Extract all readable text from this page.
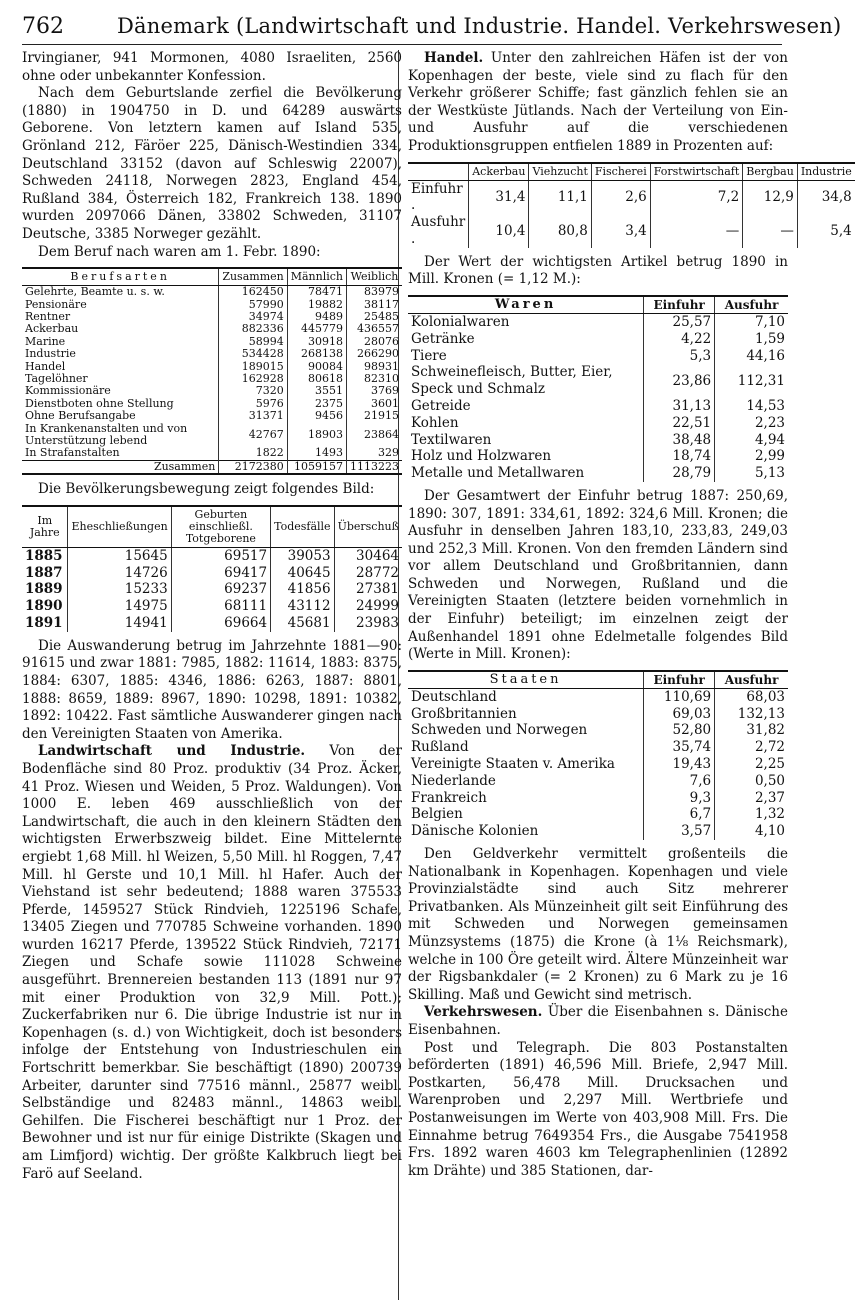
762	Dänemark (Landwirtschaft und Industrie. Handel. Verkehrswesen)

Irvingianer, 941 Mormonen, 4080 Israeliten, 2560 ohne oder unbekannter Konfession.

Nach dem Geburtslande zerfiel die Bevölkerung (1880) in 1904750 in D. und 64289 auswärts Geborene. Von letztern kamen auf Island 535, Grönland 212, Färöer 225, Dänisch-Westindien 334, Deutschland 33152 (davon auf Schleswig 22007), Schweden 24118, Norwegen 2823, England 454, Rußland 384, Österreich 182, Frankreich 138. 1890 wurden 2097066 Dänen, 33802 Schweden, 31107 Deutsche, 3385 Norweger gezählt.

Dem Beruf nach waren am 1. Febr. 1890:

Berufsarten	Zusammen	Männlich	Weiblich
Gelehrte, Beamte u. s. w.	162450	78471	83979
Pensionäre	57990	19882	38117
Rentner	34974	9489	25485
Ackerbau	882336	445779	436557
Marine	58994	30918	28076
Industrie	534428	268138	266290
Handel	189015	90084	98931
Tagelöhner	162928	80618	82310
Kommissionäre	7320	3551	3769
Dienstboten ohne Stellung	5976	2375	3601
Ohne Berufsangabe	31371	9456	21915
In Krankenanstalten und von Unterstützung lebend	42767	18903	23864
In Strafanstalten	1822	1493	329
Zusammen	2172380	1059157	1113223

Die Bevölkerungsbewegung zeigt folgendes Bild:

Im Jahre	Eheschließungen	Geburten einschließl. Totgeborene	Todesfälle	Überschuß
1885	15645	69517	39053	30464
1887	14726	69417	40645	28772
1889	15233	69237	41856	27381
1890	14975	68111	43112	24999
1891	14941	69664	45681	23983

Die Auswanderung betrug im Jahrzehnte 1881—90: 91615 und zwar 1881: 7985, 1882: 11614, 1883: 8375, 1884: 6307, 1885: 4346, 1886: 6263, 1887: 8801, 1888: 8659, 1889: 8967, 1890: 10298, 1891: 10382, 1892: 10422. Fast sämtliche Auswanderer gingen nach den Vereinigten Staaten von Amerika.

Landwirtschaft und Industrie. Von der Bodenfläche sind 80 Proz. produktiv (34 Proz. Äcker, 41 Proz. Wiesen und Weiden, 5 Proz. Waldungen). Von 1000 E. leben 469 ausschließlich von der Landwirtschaft, die auch in den kleinern Städten den wichtigsten Erwerbszweig bildet. Eine Mittelernte ergiebt 1,68 Mill. hl Weizen, 5,50 Mill. hl Roggen, 7,47 Mill. hl Gerste und 10,1 Mill. hl Hafer. Auch der Viehstand ist sehr bedeutend; 1888 waren 375533 Pferde, 1459527 Stück Rindvieh, 1225196 Schafe, 13405 Ziegen und 770785 Schweine vorhanden. 1890 wurden 16217 Pferde, 139522 Stück Rindvieh, 72171 Ziegen und Schafe sowie 111028 Schweine ausgeführt. Brennereien bestanden 113 (1891 nur 97 mit einer Produktion von 32,9 Mill. Pott.); Zuckerfabriken nur 6. Die übrige Industrie ist nur in Kopenhagen (s. d.) von Wichtigkeit, doch ist besonders infolge der Entstehung von Industrieschulen ein Fortschritt bemerkbar. Sie beschäftigt (1890) 200739 Arbeiter, darunter sind 77516 männl., 25877 weibl. Selbständige und 82483 männl., 14863 weibl. Gehilfen. Die Fischerei beschäftigt nur 1 Proz. der Bewohner und ist nur für einige Distrikte (Skagen und am Limfjord) wichtig. Der größte Kalkbruch liegt bei Farö auf Seeland.

Handel. Unter den zahlreichen Häfen ist der von Kopenhagen der beste, viele sind zu flach für den Verkehr größerer Schiffe; fast gänzlich fehlen sie an der Westküste Jütlands. Nach der Verteilung von Ein- und Ausfuhr auf die verschiedenen Produktionsgruppen entfielen 1889 in Prozenten auf:

	Ackerbau	Viehzucht	Fischerei	Forstwirtschaft	Bergbau	Industrie
Einfuhr .	31,4	11,1	2,6	7,2	12,9	34,8
Ausfuhr .	10,4	80,8	3,4	—	—	5,4

Der Wert der wichtigsten Artikel betrug 1890 in Mill. Kronen (= 1,12 M.):

Waren	Einfuhr	Ausfuhr
Kolonialwaren	25,57	7,10
Getränke	4,22	1,59
Tiere	5,3	44,16
Schweinefleisch, Butter, Eier, Speck und Schmalz	23,86	112,31
Getreide	31,13	14,53
Kohlen	22,51	2,23
Textilwaren	38,48	4,94
Holz und Holzwaren	18,74	2,99
Metalle und Metallwaren	28,79	5,13

Der Gesamtwert der Einfuhr betrug 1887: 250,69, 1890: 307, 1891: 334,61, 1892: 324,6 Mill. Kronen; die Ausfuhr in denselben Jahren 183,10, 233,83, 249,03 und 252,3 Mill. Kronen. Von den fremden Ländern sind vor allem Deutschland und Großbritannien, dann Schweden und Norwegen, Rußland und die Vereinigten Staaten (letztere beiden vornehmlich in der Einfuhr) beteiligt; im einzelnen zeigt der Außenhandel 1891 ohne Edelmetalle folgendes Bild (Werte in Mill. Kronen):

Staaten	Einfuhr	Ausfuhr
Deutschland	110,69	68,03
Großbritannien	69,03	132,13
Schweden und Norwegen	52,80	31,82
Rußland	35,74	2,72
Vereinigte Staaten v. Amerika	19,43	2,25
Niederlande	7,6	0,50
Frankreich	9,3	2,37
Belgien	6,7	1,32
Dänische Kolonien	3,57	4,10

Den Geldverkehr vermittelt großenteils die Nationalbank in Kopenhagen. Kopenhagen und viele Provinzialstädte sind auch Sitz mehrerer Privatbanken. Als Münzeinheit gilt seit Einführung des mit Schweden und Norwegen gemeinsamen Münzsystems (1875) die Krone (à 1⅛ Reichsmark), welche in 100 Öre geteilt wird. Ältere Münzeinheit war der Rigsbankdaler (= 2 Kronen) zu 6 Mark zu je 16 Skilling. Maß und Gewicht sind metrisch.

Verkehrswesen. Über die Eisenbahnen s. Dänische Eisenbahnen.

Post und Telegraph. Die 803 Postanstalten beförderten (1891) 46,596 Mill. Briefe, 2,947 Mill. Postkarten, 56,478 Mill. Drucksachen und Warenproben und 2,297 Mill. Wertbriefe und Postanweisungen im Werte von 403,908 Mill. Frs. Die Einnahme betrug 7649354 Frs., die Ausgabe 7541958 Frs. 1892 waren 4603 km Telegraphenlinien (12892 km Drähte) und 385 Stationen, dar-
